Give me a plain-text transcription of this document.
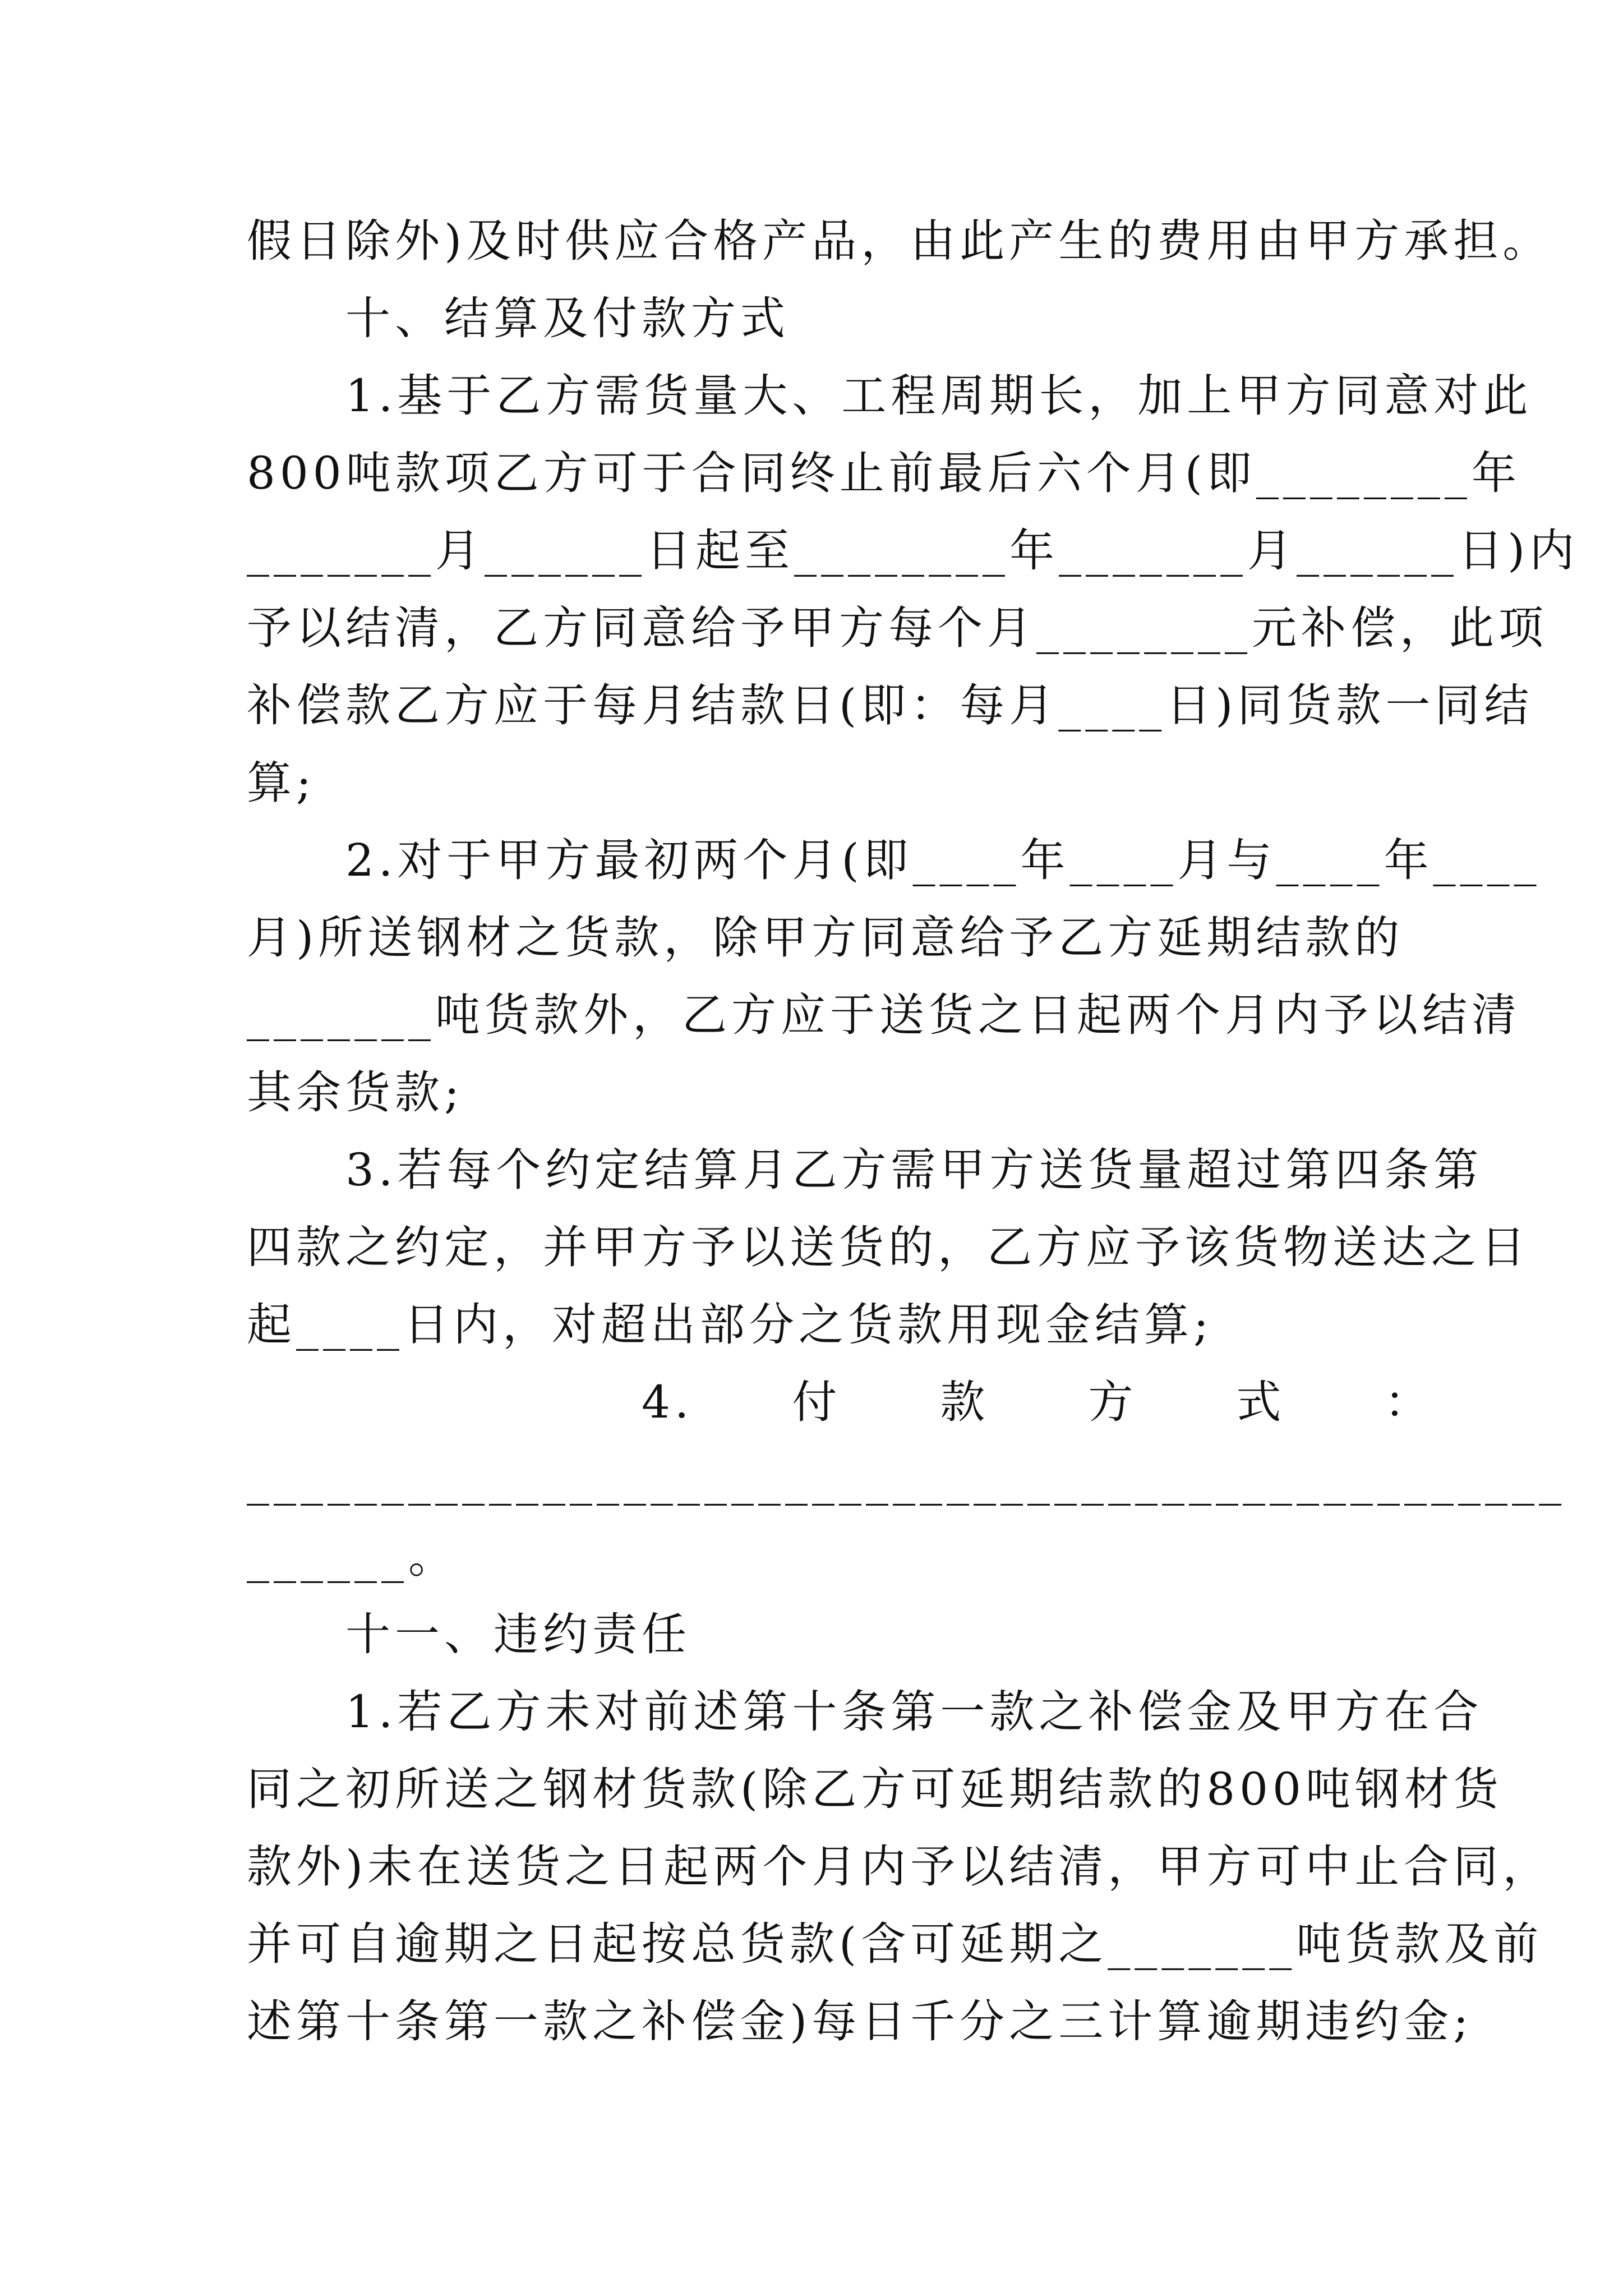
假日除外)及时供应合格产品，由此产生的费用由甲方承担。
　　十、结算及付款方式
　　1.基于乙方需货量大、工程周期长，加上甲方同意对此
800吨款项乙方可于合同终止前最后六个月(即________年
_______月______日起至________年_______月______日)内
予以结清，乙方同意给予甲方每个月________元补偿，此项
补偿款乙方应于每月结款日(即：每月____日)同货款一同结
算;
　　2.对于甲方最初两个月(即____年____月与____年____
月)所送钢材之货款，除甲方同意给予乙方延期结款的
_______吨货款外，乙方应于送货之日起两个月内予以结清
其余货款;
　　3.若每个约定结算月乙方需甲方送货量超过第四条第
四款之约定，并甲方予以送货的，乙方应予该货物送达之日
起____日内，对超出部分之货款用现金结算;
　　　　　　　　4.　　付　　款　　方　　式　　：
_________________________________________________
______。
　　十一、违约责任
　　1.若乙方未对前述第十条第一款之补偿金及甲方在合
同之初所送之钢材货款(除乙方可延期结款的800吨钢材货
款外)未在送货之日起两个月内予以结清，甲方可中止合同，
并可自逾期之日起按总货款(含可延期之_______吨货款及前
述第十条第一款之补偿金)每日千分之三计算逾期违约金;
